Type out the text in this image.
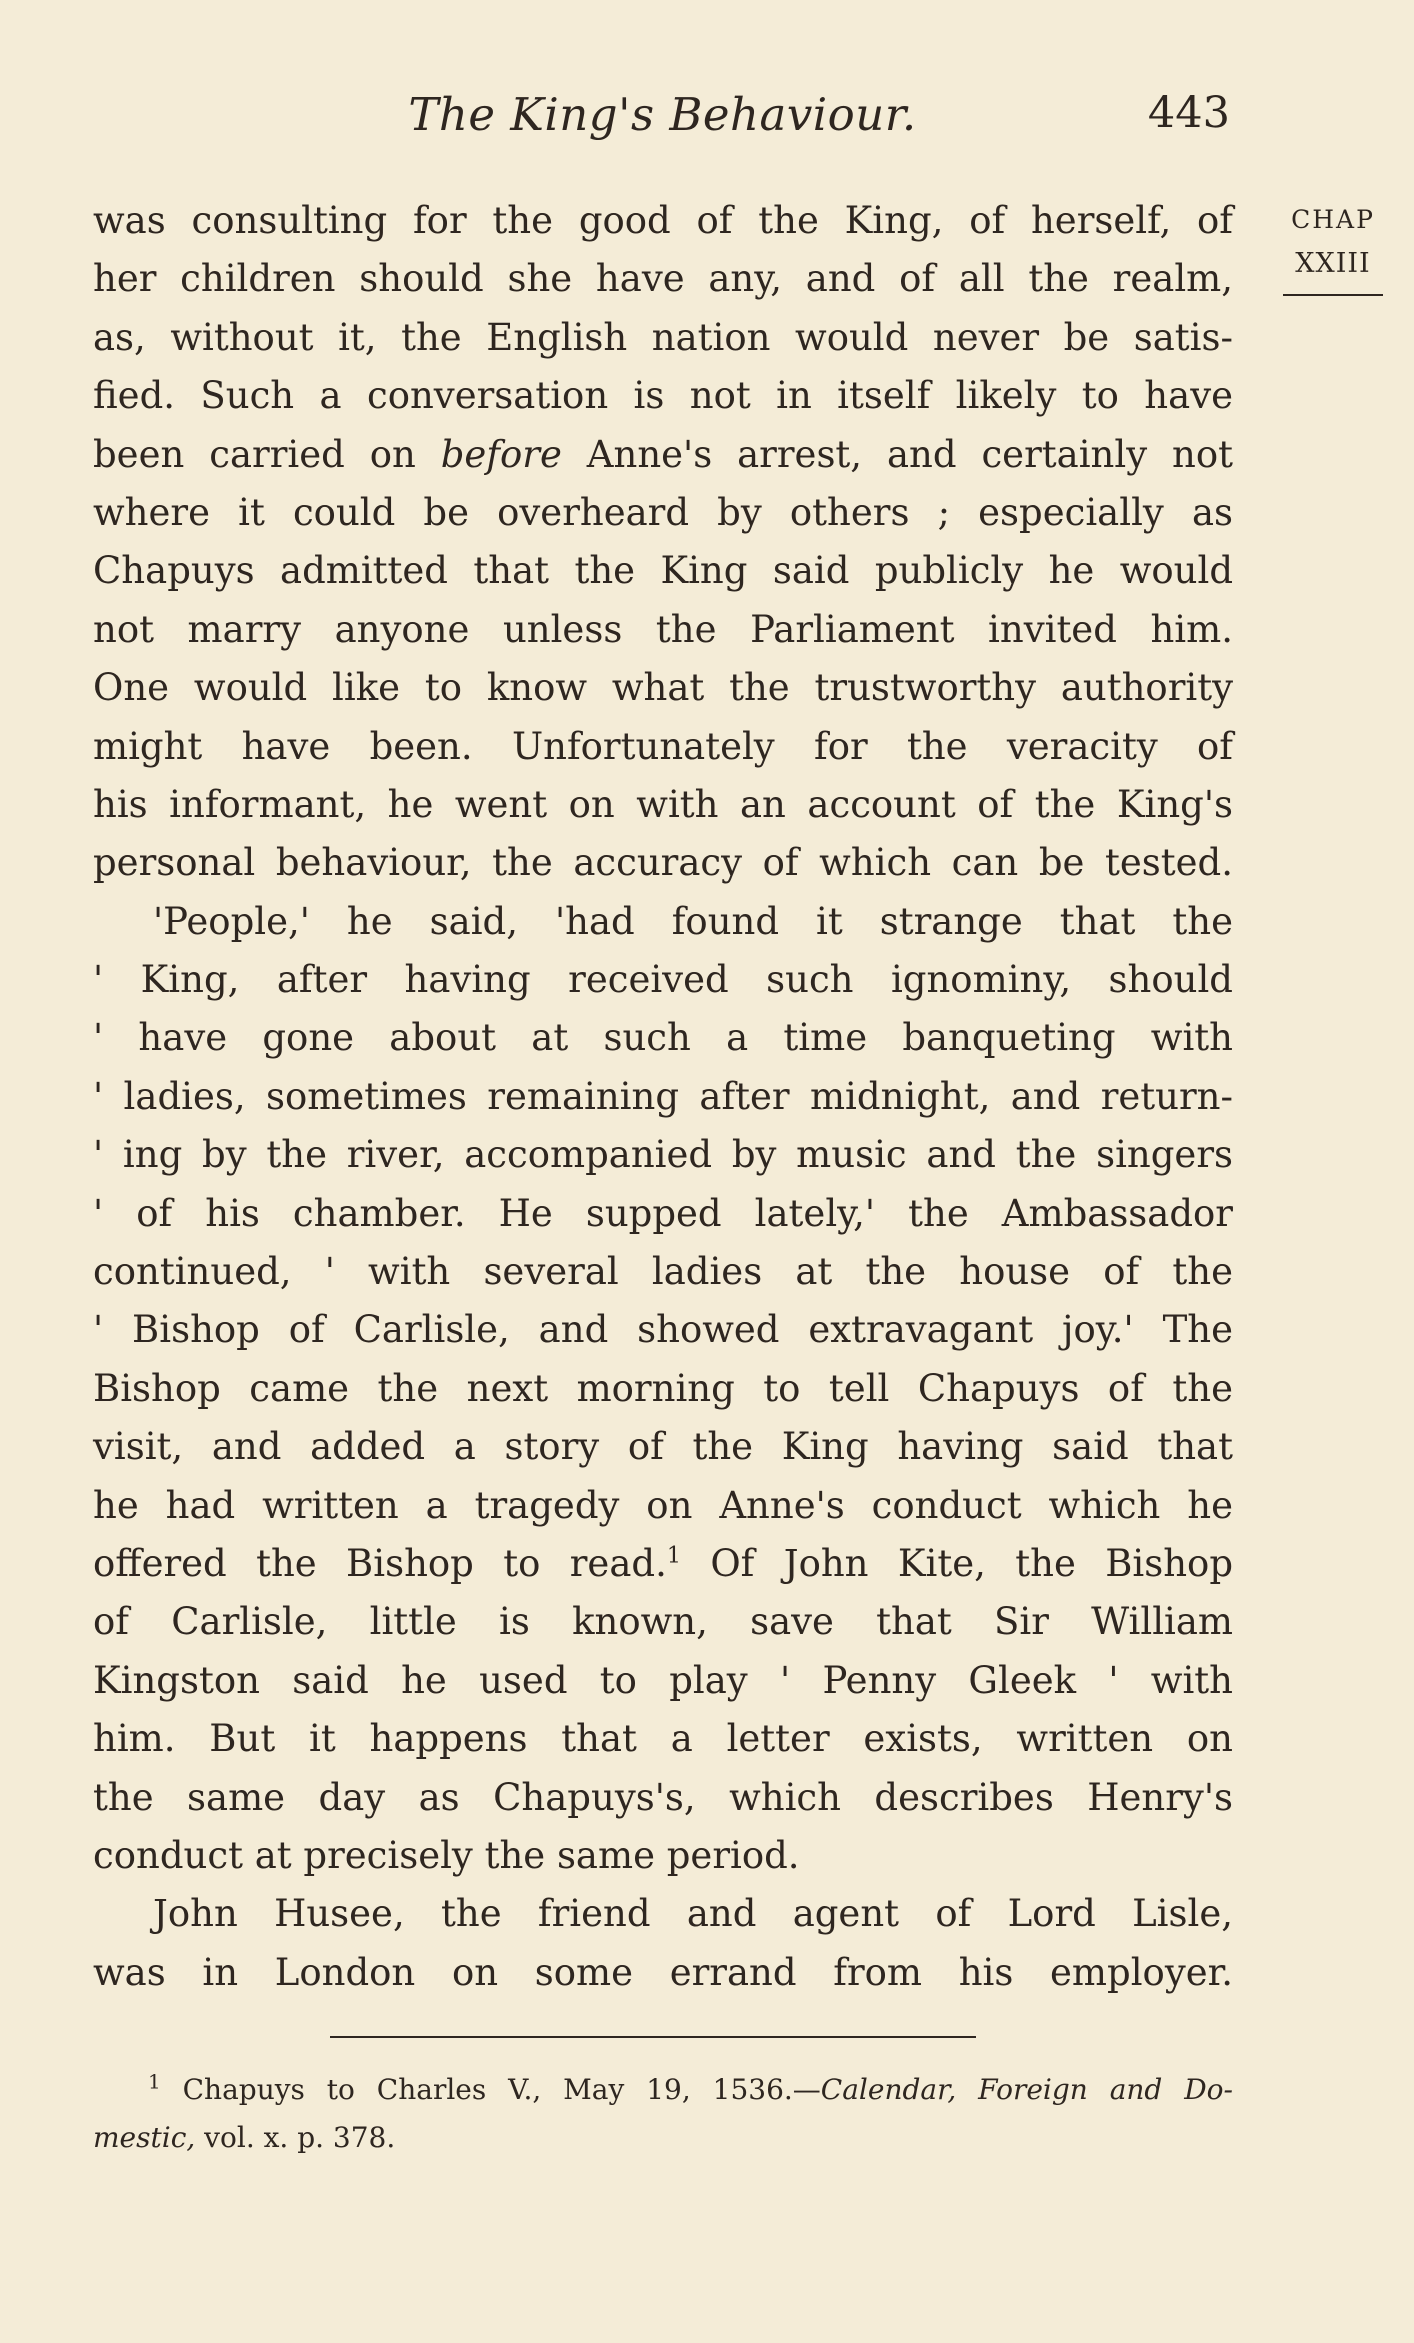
The King's Behaviour.	443
CHAP
XXIII
was consulting for the good of the King, of herself, of
her children should she have any, and of all the realm,
as, without it, the English nation would never be satis-
fied. Such a conversation is not in itself likely to have
been carried on before Anne's arrest, and certainly not
where it could be overheard by others ; especially as
Chapuys admitted that the King said publicly he would
not marry anyone unless the Parliament invited him.
One would like to know what the trustworthy authority
might have been. Unfortunately for the veracity of
his informant, he went on with an account of the King's
personal behaviour, the accuracy of which can be tested.
'People,' he said, 'had found it strange that the
' King, after having received such ignominy, should
' have gone about at such a time banqueting with
' ladies, sometimes remaining after midnight, and return-
' ing by the river, accompanied by music and the singers
' of his chamber. He supped lately,' the Ambassador
continued, ' with several ladies at the house of the
' Bishop of Carlisle, and showed extravagant joy.' The
Bishop came the next morning to tell Chapuys of the
visit, and added a story of the King having said that
he had written a tragedy on Anne's conduct which he
offered the Bishop to read.$^1$ Of John Kite, the Bishop
of Carlisle, little is known, save that Sir William
Kingston said he used to play ' Penny Gleek ' with
him. But it happens that a letter exists, written on
the same day as Chapuys's, which describes Henry's
conduct at precisely the same period.
John Husee, the friend and agent of Lord Lisle,
was in London on some errand from his employer.
$^1$ Chapuys to Charles V., May 19, 1536.—Calendar, Foreign and Do-
mestic, vol. x. p. 378.
